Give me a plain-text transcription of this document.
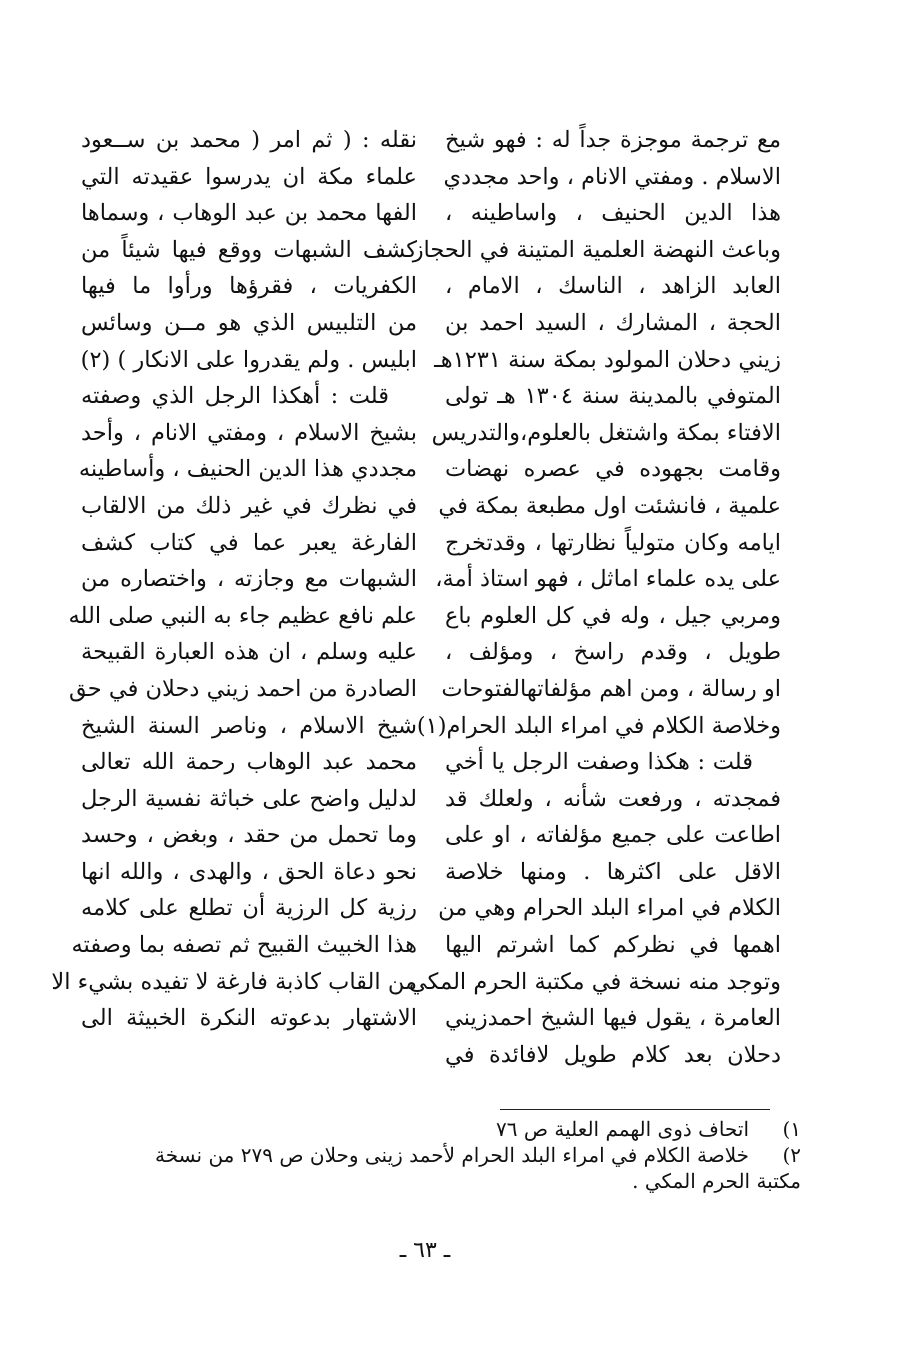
مع ترجمة موجزة جداً له : فهو شيخ
الاسلام . ومفتي الانام ، واحد مجددي
هذا الدين الحنيف ، واساطينه ،
وباعث النهضة العلمية المتينة في الحجاز
العابد الزاهد ، الناسك ، الامام ،
الحجة ، المشارك ، السيد احمد بن
زيني دحلان المولود بمكة سنة ١٢٣١هـ
المتوفي بالمدينة سنة ١٣٠٤ هـ تولى
الافتاء بمكة واشتغل بالعلوم،والتدريس
وقامت بجهوده في عصره نهضات
علمية ، فانشئت اول مطبعة بمكة في
ايامه وكان متولياً نظارتها ، وقدتخرج
على يده علماء اماثل ، فهو استاذ أمة،
ومربي جيل ، وله في كل العلوم باع
طويل ، وقدم راسخ ، ومؤلف ،
او رسالة ، ومن اهم مؤلفاتهالفتوحات
وخلاصة الكلام في امراء البلد الحرام(١)
قلت : هكذا وصفت الرجل يا أخي
فمجدته ، ورفعت شأنه ، ولعلك قد
اطاعت على جميع مؤلفاته ، او على
الاقل على اكثرها . ومنها خلاصة
الكلام في امراء البلد الحرام وهي من
اهمها في نظركم كما اشرتم اليها
وتوجد منه نسخة في مكتبة الحرم المكي
العامرة ، يقول فيها الشيخ احمدزيني
دحلان بعد كلام طويل لافائدة في
نقله : ( ثم امر ( محمد بن ســعود
علماء مكة ان يدرسوا عقيدته التي
الفها محمد بن عبد الوهاب ، وسماها
كشف الشبهات ووقع فيها شيئاً من
الكفريات ، فقرؤها ورأوا ما فيها
من التلبيس الذي هو مــن وسائس
ابليس . ولم يقدروا على الانكار ) (٢)
قلت : أهكذا الرجل الذي وصفته
بشيخ الاسلام ، ومفتي الانام ، وأحد
مجددي هذا الدين الحنيف ، وأساطينه
في نظرك في غير ذلك من الالقاب
الفارغة يعبر عما في كتاب كشف
الشبهات مع وجازته ، واختصاره من
علم نافع عظيم جاء به النبي صلى الله
عليه وسلم ، ان هذه العبارة القبيحة
الصادرة من احمد زيني دحلان في حق
شيخ الاسلام ، وناصر السنة الشيخ
محمد عبد الوهاب رحمة الله تعالى
لدليل واضح على خباثة نفسية الرجل
وما تحمل من حقد ، وبغض ، وحسد
نحو دعاة الحق ، والهدى ، والله انها
رزية كل الرزية أن تطلع على كلامه
هذا الخبيث القبيح ثم تصفه بما وصفته
من القاب كاذبة فارغة لا تفيده بشيء الا
الاشتهار بدعوته النكرة الخبيثة الى
١)اتحاف ذوى الهمم العلية ص ٧٦
٢)خلاصة الكلام في امراء البلد الحرام لأحمد زينى وحلان ص ٢٧٩ من نسخة
مكتبة الحرم المكي .
ـ ٦٣ ـ
